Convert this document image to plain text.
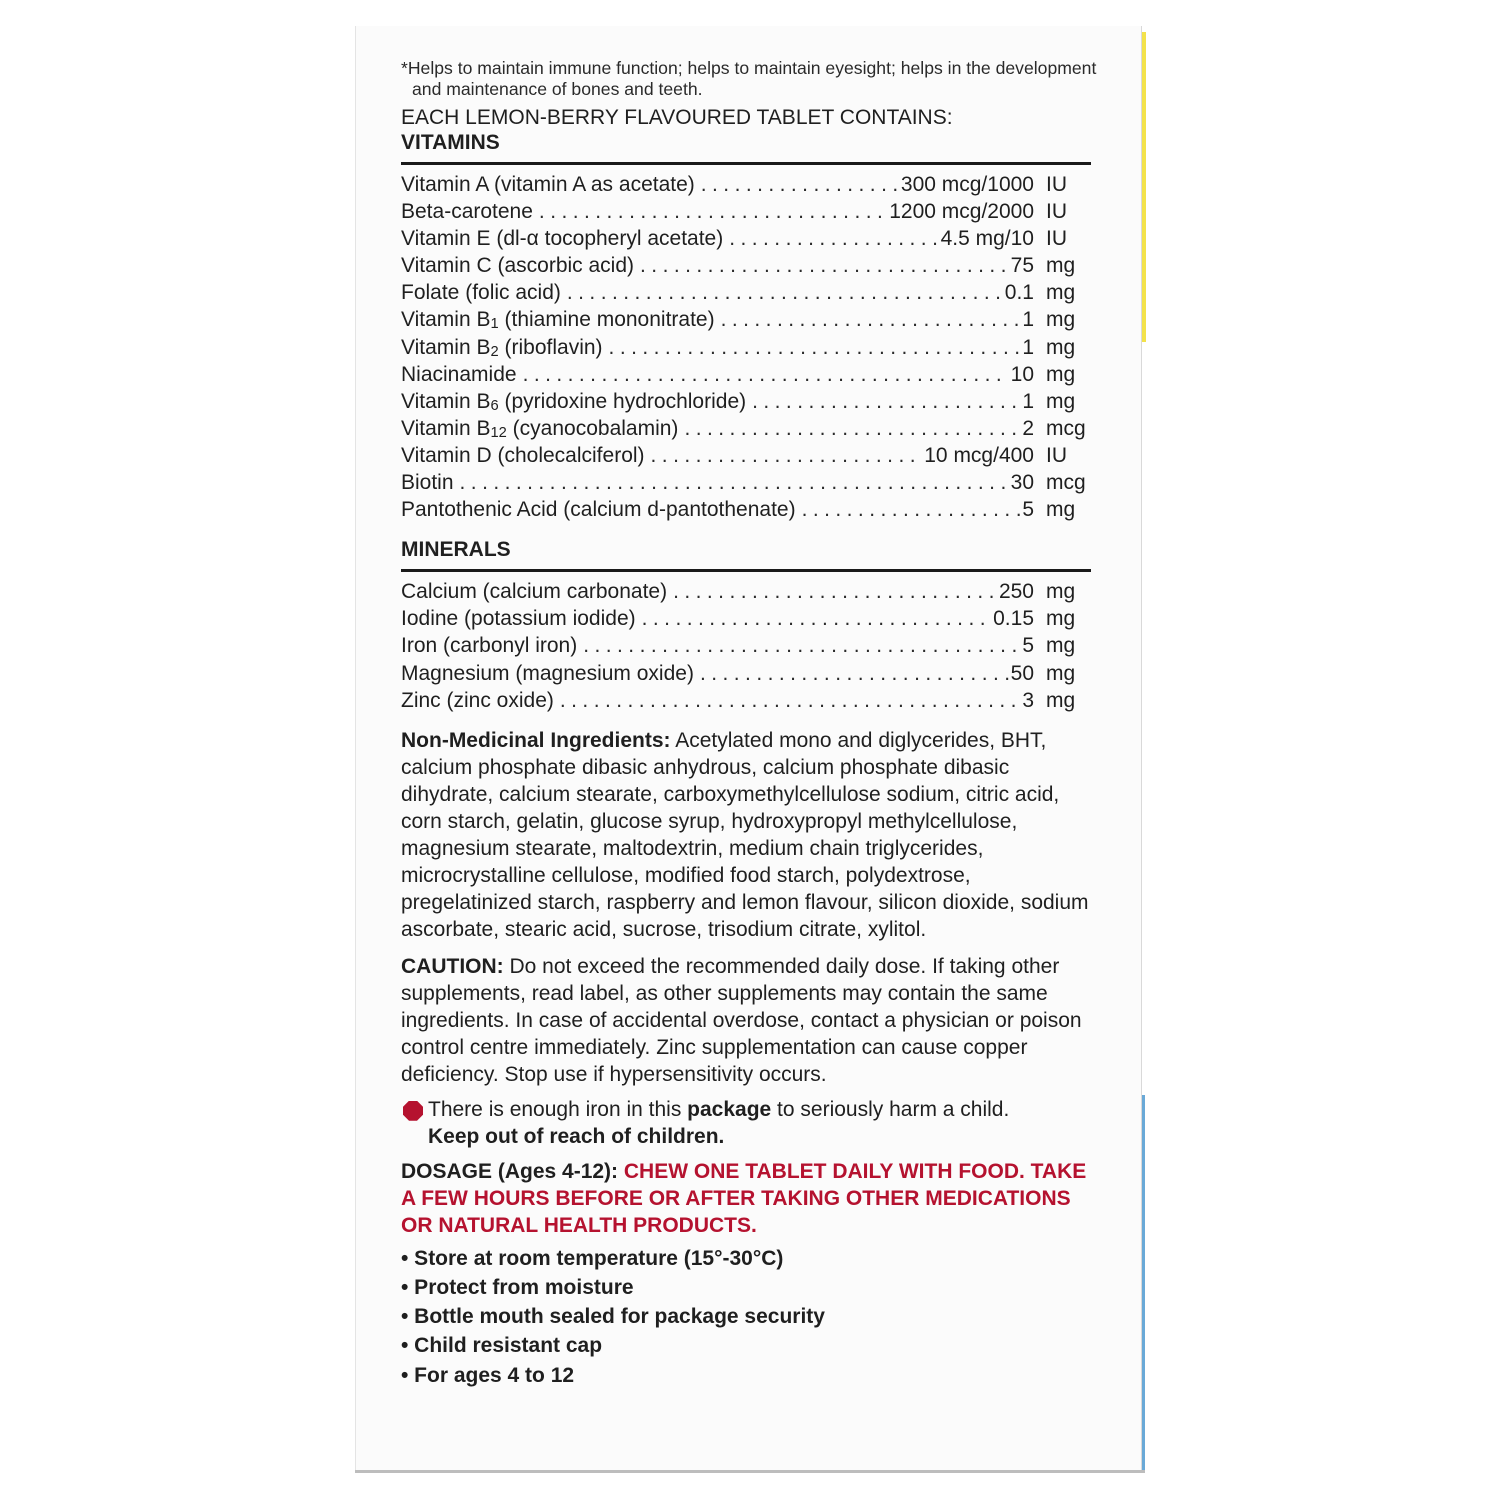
*Helps to maintain immune function; helps to maintain eyesight; helps in the development
and maintenance of bones and teeth.

EACH LEMON-BERRY FLAVOURED TABLET CONTAINS:
VITAMINS
Vitamin A (vitamin A as acetate) . . .	300 mcg/1000 IU
Beta-carotene . . .	1200 mcg/2000 IU
Vitamin E (dl-α tocopheryl acetate) . . .	4.5 mg/10 IU
Vitamin C (ascorbic acid) . . .	75 mg
Folate (folic acid) . . .	0.1 mg
Vitamin B1 (thiamine mononitrate) . . .	1 mg
Vitamin B2 (riboflavin) . . .	1 mg
Niacinamide . . .	10 mg
Vitamin B6 (pyridoxine hydrochloride) . . .	1 mg
Vitamin B12 (cyanocobalamin) . . .	2 mcg
Vitamin D (cholecalciferol) . . .	10 mcg/400 IU
Biotin . . .	30 mcg
Pantothenic Acid (calcium d-pantothenate) . . .	5 mg
MINERALS
Calcium (calcium carbonate) . . .	250 mg
Iodine (potassium iodide) . . .	0.15 mg
Iron (carbonyl iron) . . .	5 mg
Magnesium (magnesium oxide) . . .	50 mg
Zinc (zinc oxide) . . .	3 mg
Non-Medicinal Ingredients: Acetylated mono and diglycerides, BHT, calcium phosphate dibasic anhydrous, calcium phosphate dibasic dihydrate, calcium stearate, carboxymethylcellulose sodium, citric acid, corn starch, gelatin, glucose syrup, hydroxypropyl methylcellulose, magnesium stearate, maltodextrin, medium chain triglycerides, microcrystalline cellulose, modified food starch, polydextrose, pregelatinized starch, raspberry and lemon flavour, silicon dioxide, sodium ascorbate, stearic acid, sucrose, trisodium citrate, xylitol.
CAUTION: Do not exceed the recommended daily dose. If taking other supplements, read label, as other supplements may contain the same ingredients. In case of accidental overdose, contact a physician or poison control centre immediately. Zinc supplementation can cause copper deficiency. Stop use if hypersensitivity occurs.
There is enough iron in this package to seriously harm a child.
Keep out of reach of children.
DOSAGE (Ages 4-12): CHEW ONE TABLET DAILY WITH FOOD. TAKE A FEW HOURS BEFORE OR AFTER TAKING OTHER MEDICATIONS OR NATURAL HEALTH PRODUCTS.
• Store at room temperature (15°-30°C)
• Protect from moisture
• Bottle mouth sealed for package security
• Child resistant cap
• For ages 4 to 12
